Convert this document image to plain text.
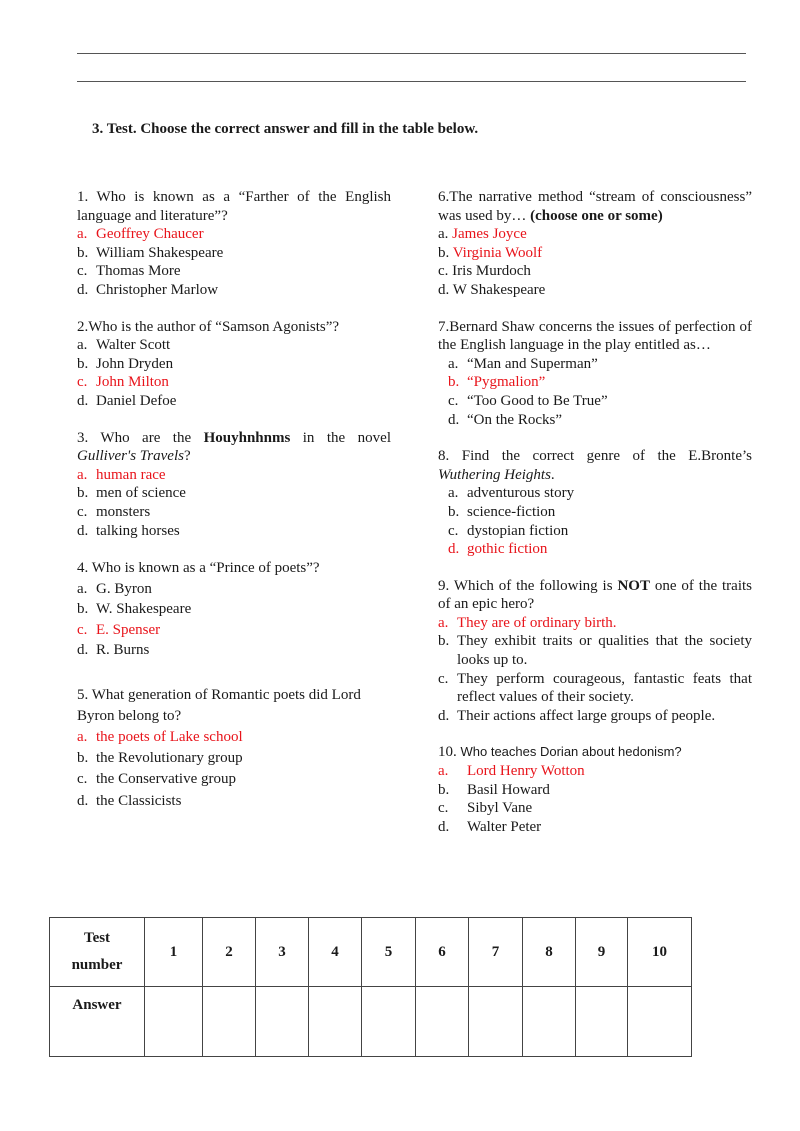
3. Test. Choose the correct answer and fill in the table below.
1. Who is known as a “Farther of the English language and literature”?
a. Geoffrey Chaucer
b. William Shakespeare
c. Thomas More
d. Christopher Marlow
2.Who is the author of “Samson Agonists”?
a. Walter Scott
b. John Dryden
c. John Milton
d. Daniel Defoe
3. Who are the Houyhnhnms in the novel Gulliver's Travels?
a. human race
b. men of science
c. monsters
d. talking horses
4. Who is known as a “Prince of poets”?
a. G. Byron
b. W. Shakespeare
c. E. Spenser
d. R. Burns
5. What generation of Romantic poets did Lord Byron belong to?
a. the poets of Lake school
b. the Revolutionary group
c. the Conservative group
d. the Classicists
6.The narrative method “stream of consciousness” was used by… (choose one or some)
a. James Joyce
b. Virginia Woolf
c. Iris Murdoch
d. W Shakespeare
7.Bernard Shaw concerns the issues of perfection of the English language in the play entitled as…
a. “Man and Superman”
b. “Pygmalion”
c. “Too Good to Be True”
d. “On the Rocks”
8. Find the correct genre of the E.Bronte’s Wuthering Heights.
a. adventurous story
b. science-fiction
c. dystopian fiction
d. gothic fiction
9. Which of the following is NOT one of the traits of an epic hero?
a. They are of ordinary birth.
b. They exhibit traits or qualities that the society looks up to.
c. They perform courageous, fantastic feats that reflect values of their society.
d. Their actions affect large groups of people.
10. Who teaches Dorian about hedonism?
a.	Lord Henry Wotton
b.	Basil Howard
c.	Sibyl Vane
d.	Walter Peter
Test
number	1	2	3	4	5	6	7	8	9	10
Answer										
